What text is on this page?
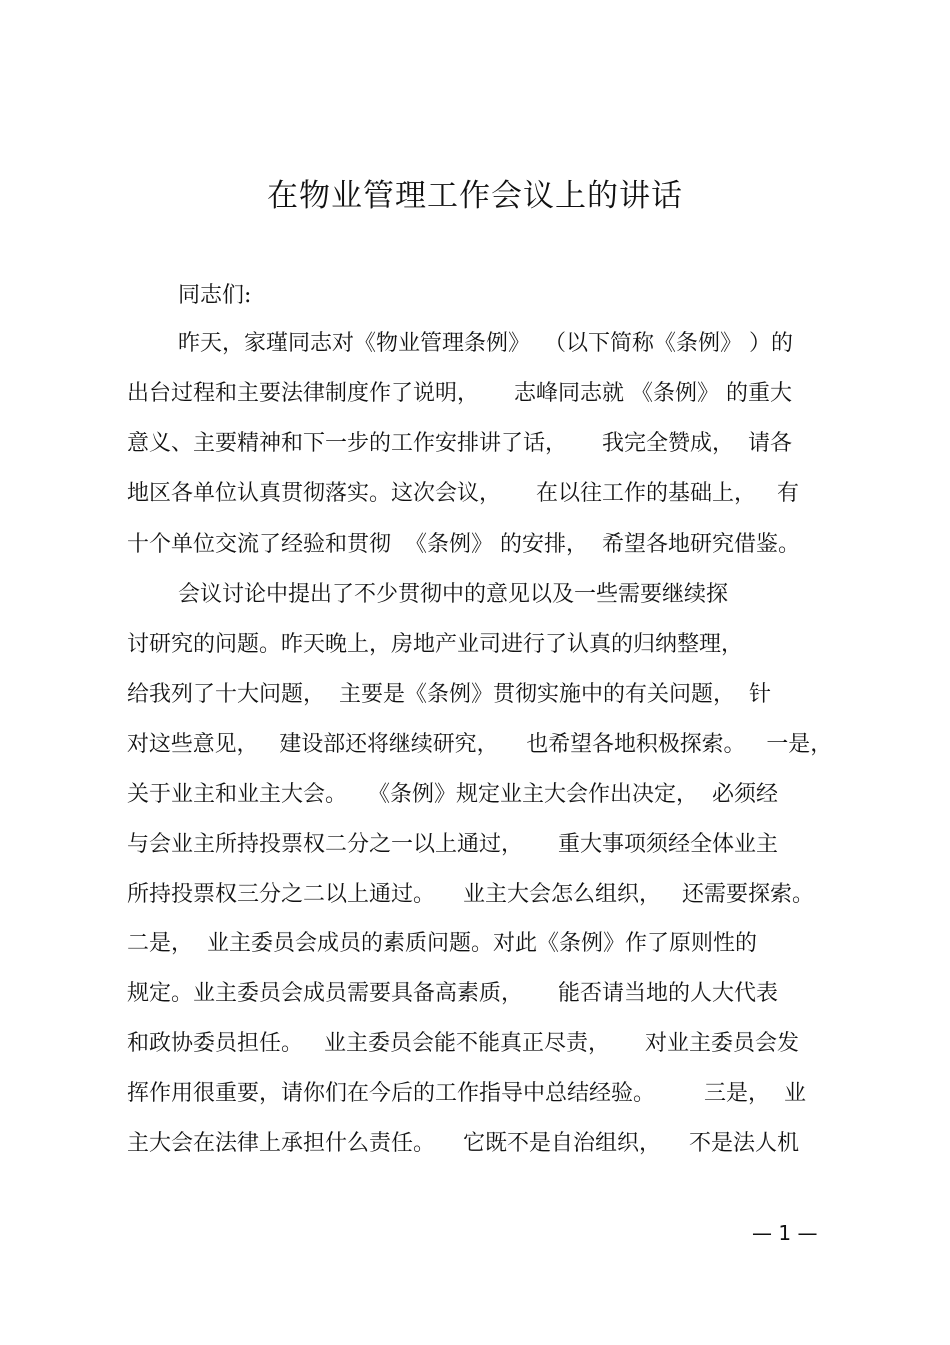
在物业管理工作会议上的讲话
同志们:
昨天，家瑾同志对《物业管理条例》  （以下简称《条例》 ）的
出台过程和主要法律制度作了说明，     志峰同志就 《条例》 的重大
意义、主要精神和下一步的工作安排讲了话，     我完全赞成，  请各
地区各单位认真贯彻落实。这次会议，     在以往工作的基础上，   有
十个单位交流了经验和贯彻  《条例》 的安排，  希望各地研究借鉴。
会议讨论中提出了不少贯彻中的意见以及一些需要继续探
讨研究的问题。昨天晚上，房地产业司进行了认真的归纳整理，
给我列了十大问题，  主要是《条例》贯彻实施中的有关问题，  针
对这些意见，   建设部还将继续研究，    也希望各地积极探索。   一是，
关于业主和业主大会。   《条例》规定业主大会作出决定，  必须经
与会业主所持投票权二分之一以上通过，     重大事项须经全体业主
所持投票权三分之二以上通过。    业主大会怎么组织，   还需要探索。
二是，  业主委员会成员的素质问题。对此《条例》作了原则性的
规定。业主委员会成员需要具备高素质，     能否请当地的人大代表
和政协委员担任。   业主委员会能不能真正尽责，     对业主委员会发
挥作用很重要，请你们在今后的工作指导中总结经验。       三是，  业
主大会在法律上承担什么责任。    它既不是自治组织，    不是法人机
— 1 —
